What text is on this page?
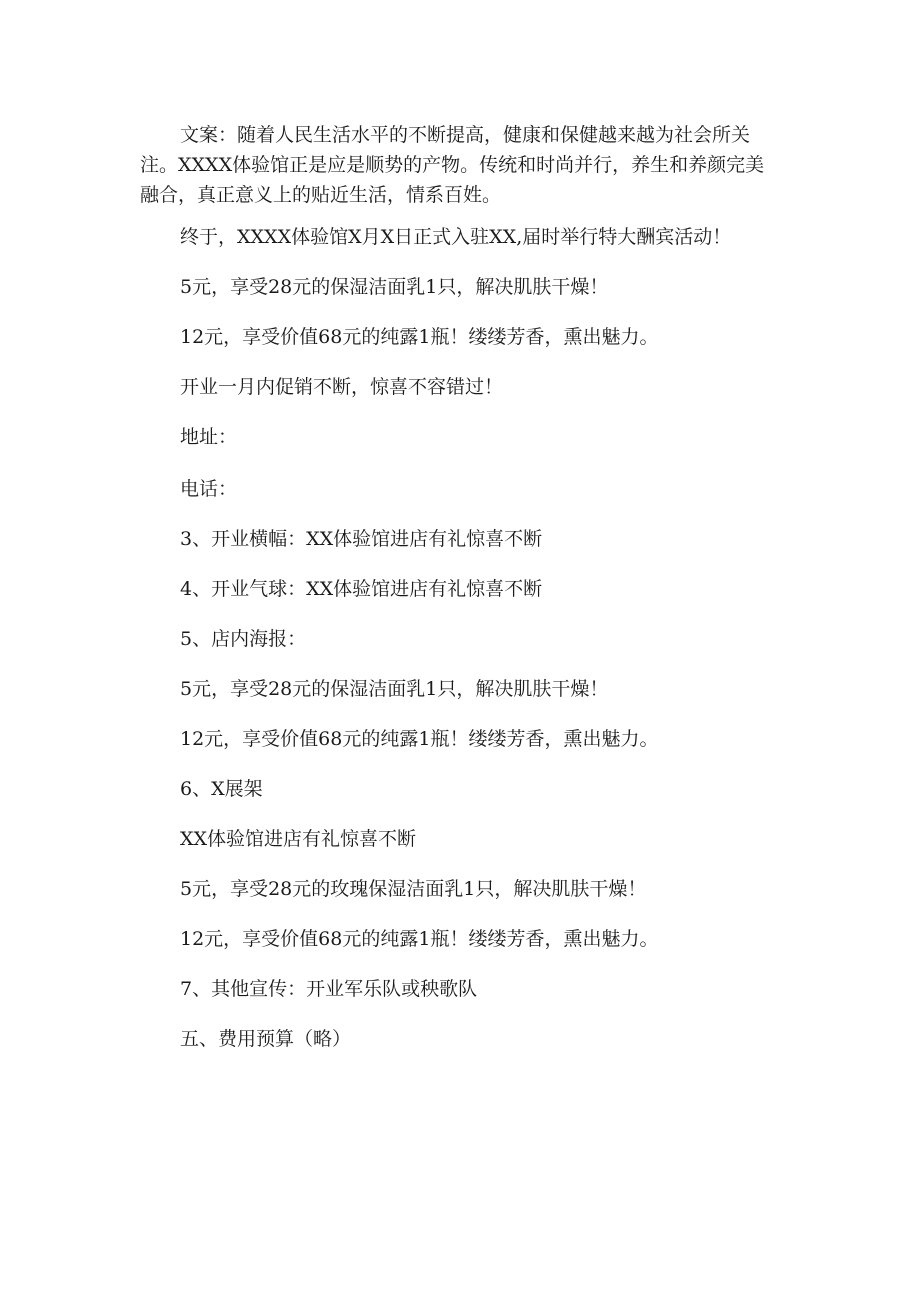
文案：随着人民生活水平的不断提高，健康和保健越来越为社会所关注。XXXX体验馆正是应是顺势的产物。传统和时尚并行，养生和养颜完美融合，真正意义上的贴近生活，情系百姓。
终于，XXXX体验馆X月X日正式入驻XX,届时举行特大酬宾活动！
5元，享受28元的保湿洁面乳1只，解决肌肤干燥！
12元，享受价值68元的纯露1瓶！缕缕芳香，熏出魅力。
开业一月内促销不断，惊喜不容错过！
地址：
电话：
3、开业横幅：XX体验馆进店有礼惊喜不断
4、开业气球：XX体验馆进店有礼惊喜不断
5、店内海报：
5元，享受28元的保湿洁面乳1只，解决肌肤干燥！
12元，享受价值68元的纯露1瓶！缕缕芳香，熏出魅力。
6、X展架
XX体验馆进店有礼惊喜不断
5元，享受28元的玫瑰保湿洁面乳1只，解决肌肤干燥！
12元，享受价值68元的纯露1瓶！缕缕芳香，熏出魅力。
7、其他宣传：开业军乐队或秧歌队
五、费用预算（略）
